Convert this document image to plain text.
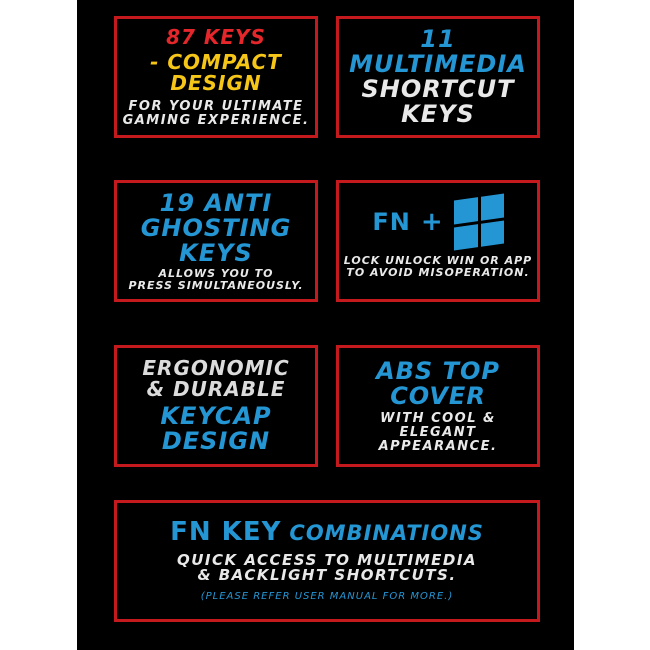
87 KEYS
- COMPACT DESIGN
FOR YOUR ULTIMATE
GAMING EXPERIENCE.
11 MULTIMEDIA
SHORTCUT KEYS
19 ANTI
GHOSTING
KEYS
ALLOWS YOU TO
PRESS SIMULTANEOUSLY.
FN +
LOCK UNLOCK WIN OR APP
TO AVOID MISOPERATION.
ERGONOMIC
& DURABLE
KEYCAP
DESIGN
ABS TOP
COVER
WITH COOL &
ELEGANT
APPEARANCE.
FN KEY COMBINATIONS
QUICK ACCESS TO MULTIMEDIA
& BACKLIGHT SHORTCUTS.
(PLEASE REFER USER MANUAL FOR MORE.)
